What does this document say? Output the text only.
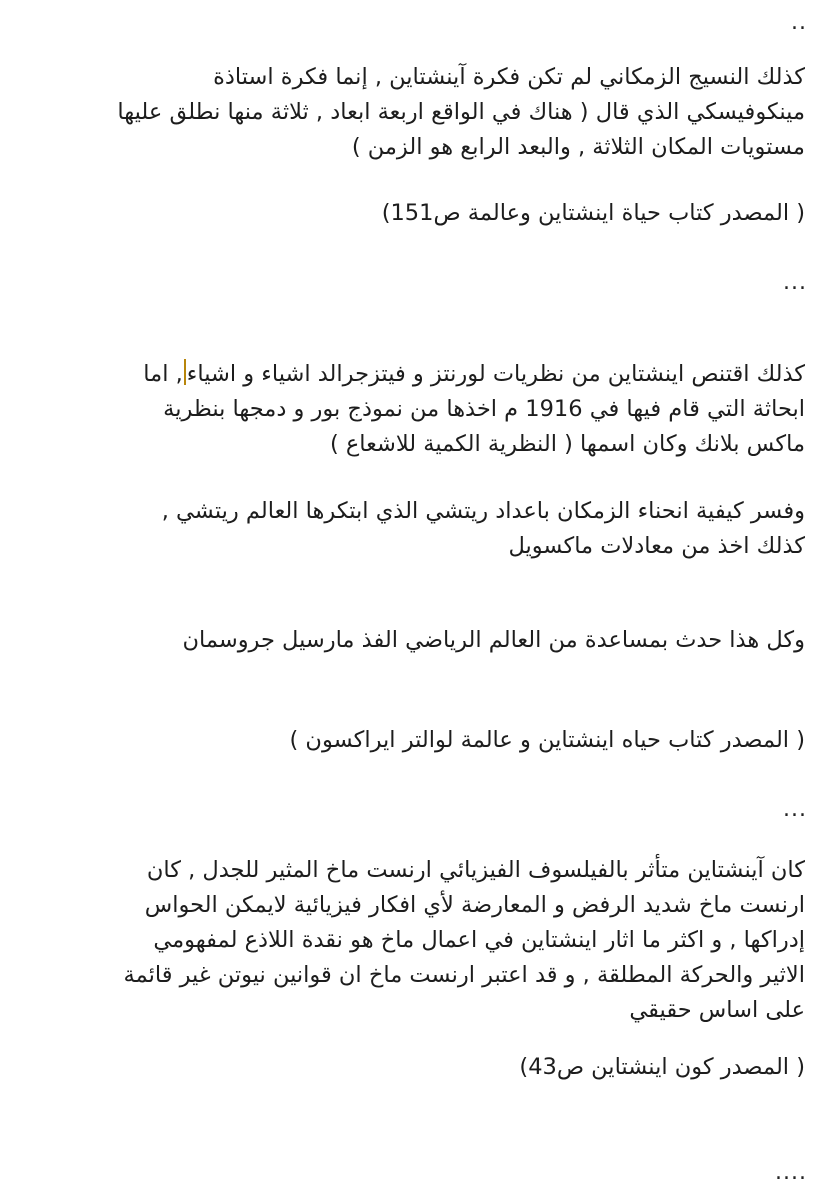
..
كذلك النسيج الزمكاني لم تكن فكرة آينشتاين , إنما فكرة استاذة
مينكوفيسكي الذي قال ( هناك في الواقع اربعة ابعاد , ثلاثة منها نطلق عليها
مستويات المكان الثلاثة , والبعد الرابع هو الزمن )
( المصدر كتاب حياة اينشتاين وعالمة ص151)
...
كذلك اقتنص اينشتاين من نظريات لورنتز و فيتزجرالد اشياء و اشياء, اما
ابحاثة التي قام فيها في 1916 م اخذها من نموذج بور و دمجها بنظرية
ماكس بلانك وكان اسمها ( النظرية الكمية للاشعاع )
وفسر كيفية انحناء الزمكان باعداد ريتشي الذي ابتكرها العالم ريتشي ,
كذلك اخذ من معادلات ماكسويل
وكل هذا حدث بمساعدة من العالم الرياضي الفذ مارسيل جروسمان
( المصدر كتاب حياه اينشتاين و عالمة لوالتر ايراكسون )
...
كان آينشتاين متأثر بالفيلسوف الفيزيائي ارنست ماخ المثير للجدل , كان
ارنست ماخ شديد الرفض و المعارضة لأي افكار فيزيائية لايمكن الحواس
إدراكها , و اكثر ما اثار اينشتاين في اعمال ماخ هو نقدة اللاذع لمفهومي
الاثير والحركة المطلقة , و قد اعتبر ارنست ماخ ان قوانين نيوتن غير قائمة
على اساس حقيقي
( المصدر كون اينشتاين ص43)
....
